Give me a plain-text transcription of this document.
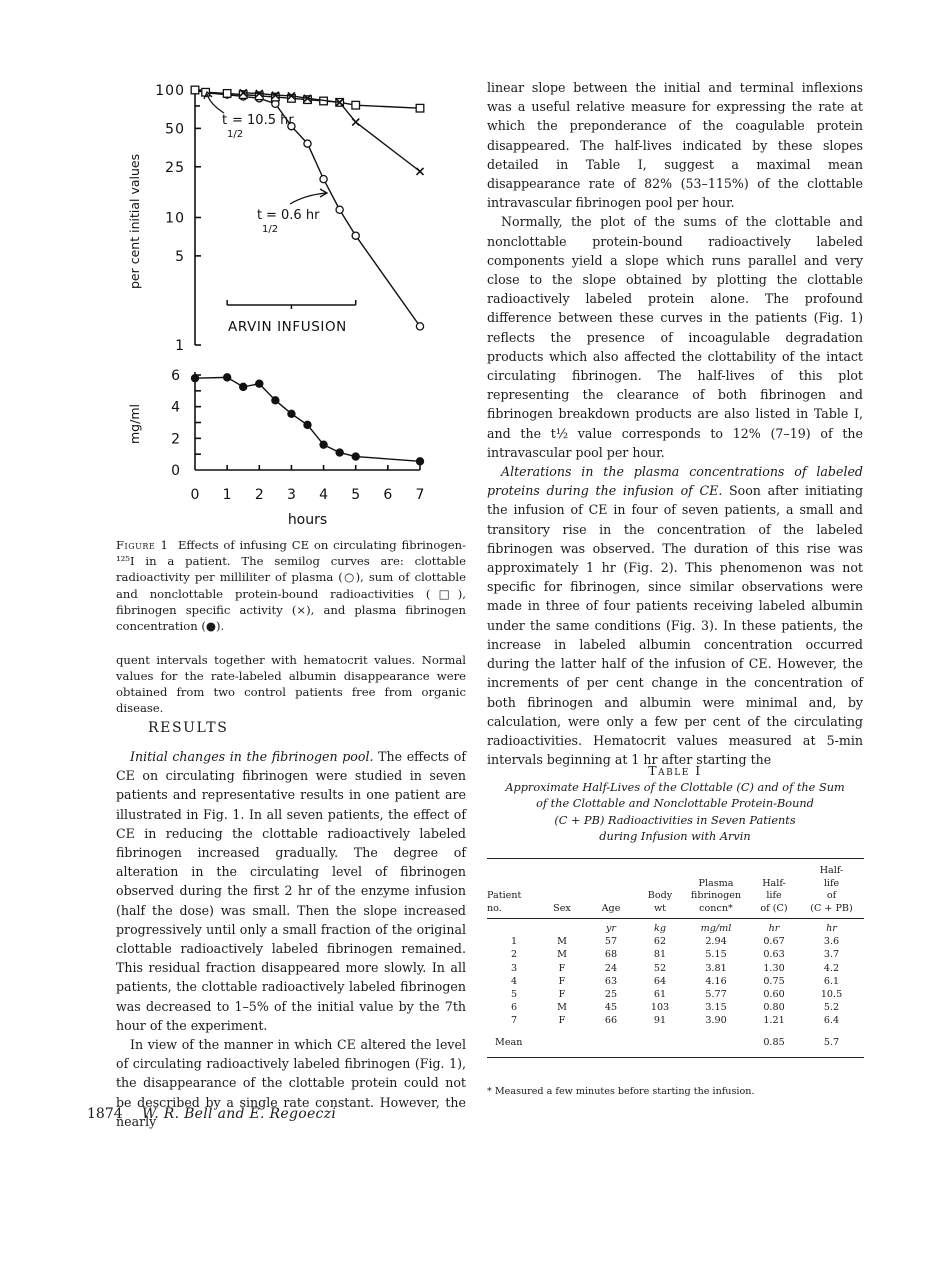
100
50
25
10
5
1
per cent initial values
t
1/2
= 10.5 hr
t
1/2
= 0.6 hr
ARVIN INFUSION
0
2
4
6
0 1 2 3 4 5 6 7
hours
mg/ml

Figure 1 Effects of infusing CE on circulating fibrinogen-¹²⁵I in a patient. The semilog curves are: clottable radioactivity per milliliter of plasma (○), sum of clottable and nonclottable protein-bound radioactivities (□), fibrinogen specific activity (×), and plasma fibrinogen concentration (●).

quent intervals together with hematocrit values. Normal values for the rate-labeled albumin disappearance were obtained from two control patients free from organic disease.

RESULTS

Initial changes in the fibrinogen pool. The effects of CE on circulating fibrinogen were studied in seven patients and representative results in one patient are illustrated in Fig. 1. In all seven patients, the effect of CE in reducing the clottable radioactively labeled fibrinogen increased gradually. The degree of alteration in the circulating level of fibrinogen observed during the first 2 hr of the enzyme infusion (half the dose) was small. Then the slope increased progressively until only a small fraction of the original clottable radioactively labeled fibrinogen remained. This residual fraction disappeared more slowly. In all patients, the clottable radioactively labeled fibrinogen was decreased to 1–5% of the initial value by the 7th hour of the experiment.

In view of the manner in which CE altered the level of circulating radioactively labeled fibrinogen (Fig. 1), the disappearance of the clottable protein could not be described by a single rate constant. However, the nearly

linear slope between the initial and terminal inflexions was a useful relative measure for expressing the rate at which the preponderance of the coagulable protein disappeared. The half-lives indicated by these slopes detailed in Table I, suggest a maximal mean disappearance rate of 82% (53–115%) of the clottable intravascular fibrinogen pool per hour.

Normally, the plot of the sums of the clottable and nonclottable protein-bound radioactively labeled components yield a slope which runs parallel and very close to the slope obtained by plotting the clottable radioactively labeled protein alone. The profound difference between these curves in the patients (Fig. 1) reflects the presence of incoagulable degradation products which also affected the clottability of the intact circulating fibrinogen. The half-lives of this plot representing the clearance of both fibrinogen and fibrinogen breakdown products are also listed in Table I, and the t½ value corresponds to 12% (7–19) of the intravascular pool per hour.

Alterations in the plasma concentrations of labeled proteins during the infusion of CE. Soon after initiating the infusion of CE in four of seven patients, a small and transitory rise in the concentration of the labeled fibrinogen was observed. The duration of this rise was approximately 1 hr (Fig. 2). This phenomenon was not specific for fibrinogen, since similar observations were made in three of four patients receiving labeled albumin under the same conditions (Fig. 3). In these patients, the increase in labeled albumin concentration occurred during the latter half of the infusion of CE. However, the increments of per cent change in the concentration of both fibrinogen and albumin were minimal and, by calculation, were only a few per cent of the circulating radioactivities. Hematocrit values measured at 5-min intervals beginning at 1 hr after starting the

Table I

Approximate Half-Lives of the Clottable (C) and of the Sum
of the Clottable and Nonclottable Protein-Bound
(C + PB) Radioactivities in Seven Patients
during Infusion with Arvin

Patient
no.	Sex	Age	Body
wt	Plasma
fibrinogen
concn*	Half-
life
of (C)	Half-
life
of
(C + PB)
		yr	kg	mg/ml	hr	hr
1	M	57	62	2.94	0.67	3.6
2	M	68	81	5.15	0.63	3.7
3	F	24	52	3.81	1.30	4.2
4	F	63	64	4.16	0.75	6.1
5	F	25	61	5.77	0.60	10.5
6	M	45	103	3.15	0.80	5.2
7	F	66	91	3.90	1.21	6.4
Mean					0.85	5.7

* Measured a few minutes before starting the infusion.

1874 W. R. Bell and E. Regoeczi
